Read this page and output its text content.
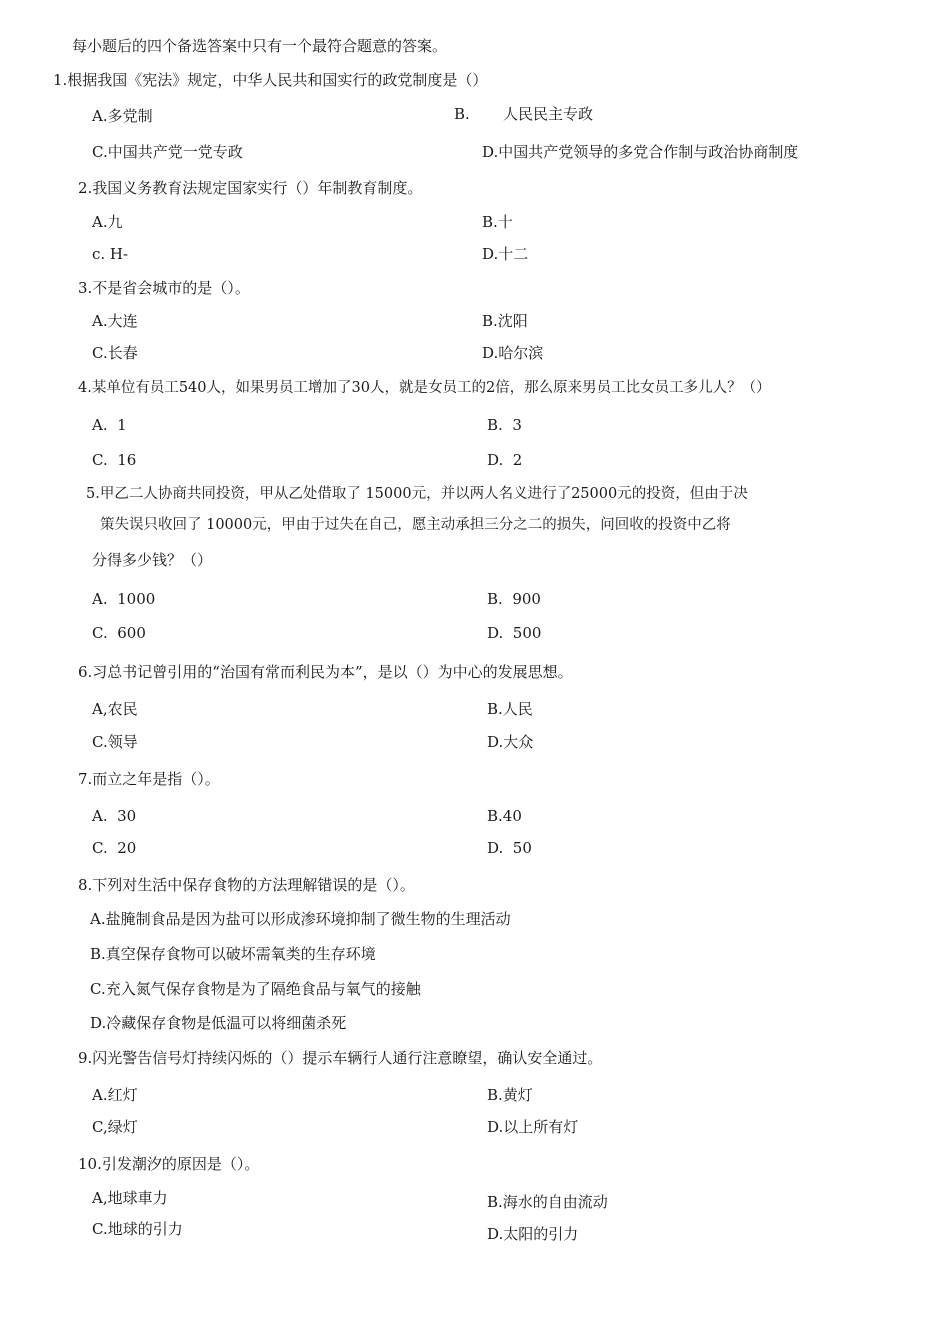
每小题后的四个备选答案中只有一个最符合题意的答案。
1.根据我国《宪法》规定，中华人民共和国实行的政党制度是（）
A.多党制	B. 人民民主专政
C.中国共产党一党专政	D.中国共产党领导的多党合作制与政治协商制度
2.我国义务教育法规定国家实行（）年制教育制度。
A.九	B.十
c. H-	D.十二
3.不是省会城市的是（）。
A.大连	B.沈阳
C.长春	D.哈尔滨
4.某单位有员工540人，如果男员工增加了30人，就是女员工的2倍，那么原来男员工比女员工多儿人？（）
A.  1	B.  3
C.  16	D.  2
5.甲乙二人协商共同投资，甲从乙处借取了 15000元，并以两人名义进行了25000元的投资，但由于决
策失误只收回了 10000元，甲由于过失在自己，愿主动承担三分之二的损失，问回收的投资中乙将
分得多少钱？（）
A.  1000	B.  900
C.  600	D.  500
6.习总书记曾引用的“治国有常而利民为本”，是以（）为中心的发展思想。
A,农民	B.人民
C.领导	D.大众
7.而立之年是指（）。
A.  30	B.40
C.  20	D.  50
8.下列对生活中保存食物的方法理解错误的是（）。
A.盐腌制食品是因为盐可以形成渗环境抑制了微生物的生理活动
B.真空保存食物可以破坏需氧类的生存环境
C.充入氮气保存食物是为了隔绝食品与氧气的接触
D.冷藏保存食物是低温可以将细菌杀死
9.闪光警告信号灯持续闪烁的（）提示车辆行人通行注意瞭望，确认安全通过。
A.红灯	B.黄灯
C,绿灯	D.以上所有灯
10.引发潮汐的原因是（）。
A,地球車力	B.海水的自由流动
C.地球的引力	D.太阳的引力
